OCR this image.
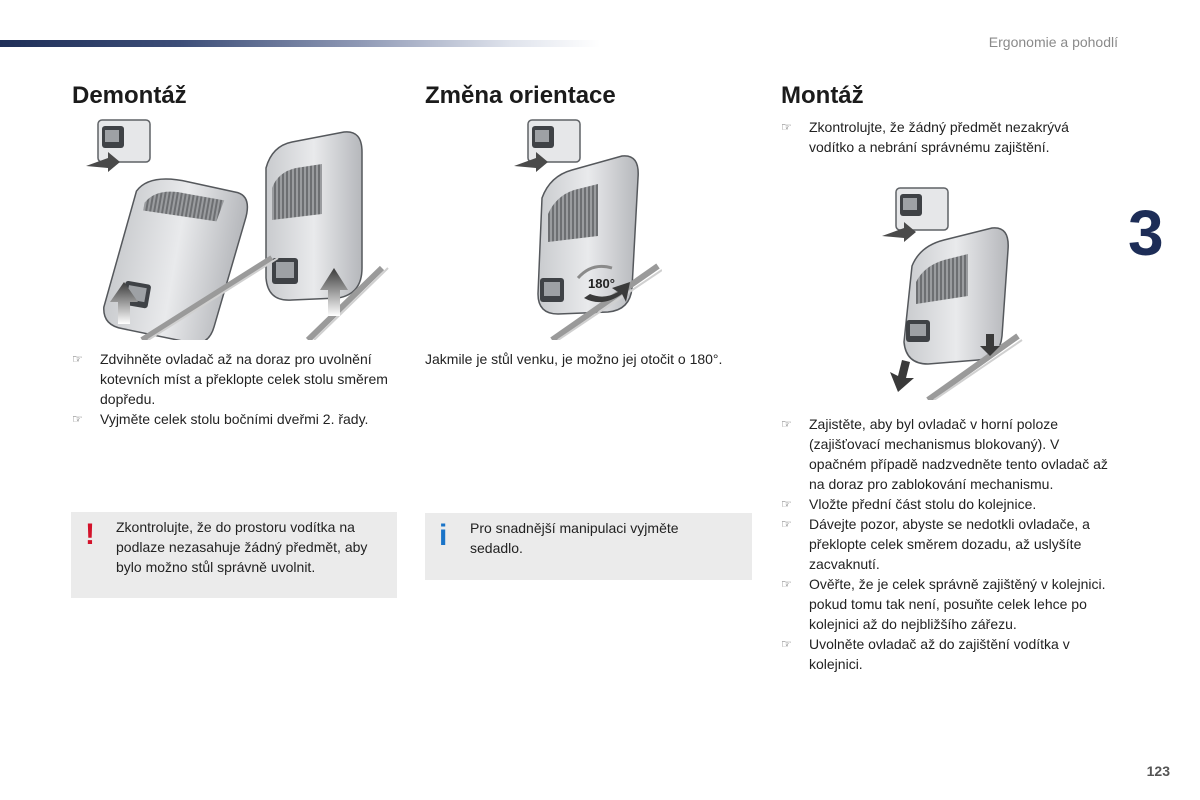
Ergonomie a pohodlí
3
123
Demontáž
☞ Zdvihněte ovladač až na doraz pro uvolnění kotevních míst a překlopte celek stolu směrem dopředu.
☞ Vyjměte celek stolu bočními dveřmi 2. řady.
! Zkontrolujte, že do prostoru vodítka na podlaze nezasahuje žádný předmět, aby bylo možno stůl správně uvolnit.
Změna orientace
180°
Jakmile je stůl venku, je možno jej otočit o 180°.
i Pro snadnější manipulaci vyjměte sedadlo.
Montáž
☞ Zkontrolujte, že žádný předmět nezakrývá vodítko a nebrání správnému zajištění.
☞ Zajistěte, aby byl ovladač v horní poloze (zajišťovací mechanismus blokovaný). V opačném případě nadzvedněte tento ovladač až na doraz pro zablokování mechanismu.
☞ Vložte přední část stolu do kolejnice.
☞ Dávejte pozor, abyste se nedotkli ovladače, a překlopte celek směrem dozadu, až uslyšíte zacvaknutí.
☞ Ověřte, že je celek správně zajištěný v kolejnici. pokud tomu tak není, posuňte celek lehce po kolejnici až do nejbližšího zářezu.
☞ Uvolněte ovladač až do zajištění vodítka v kolejnici.
